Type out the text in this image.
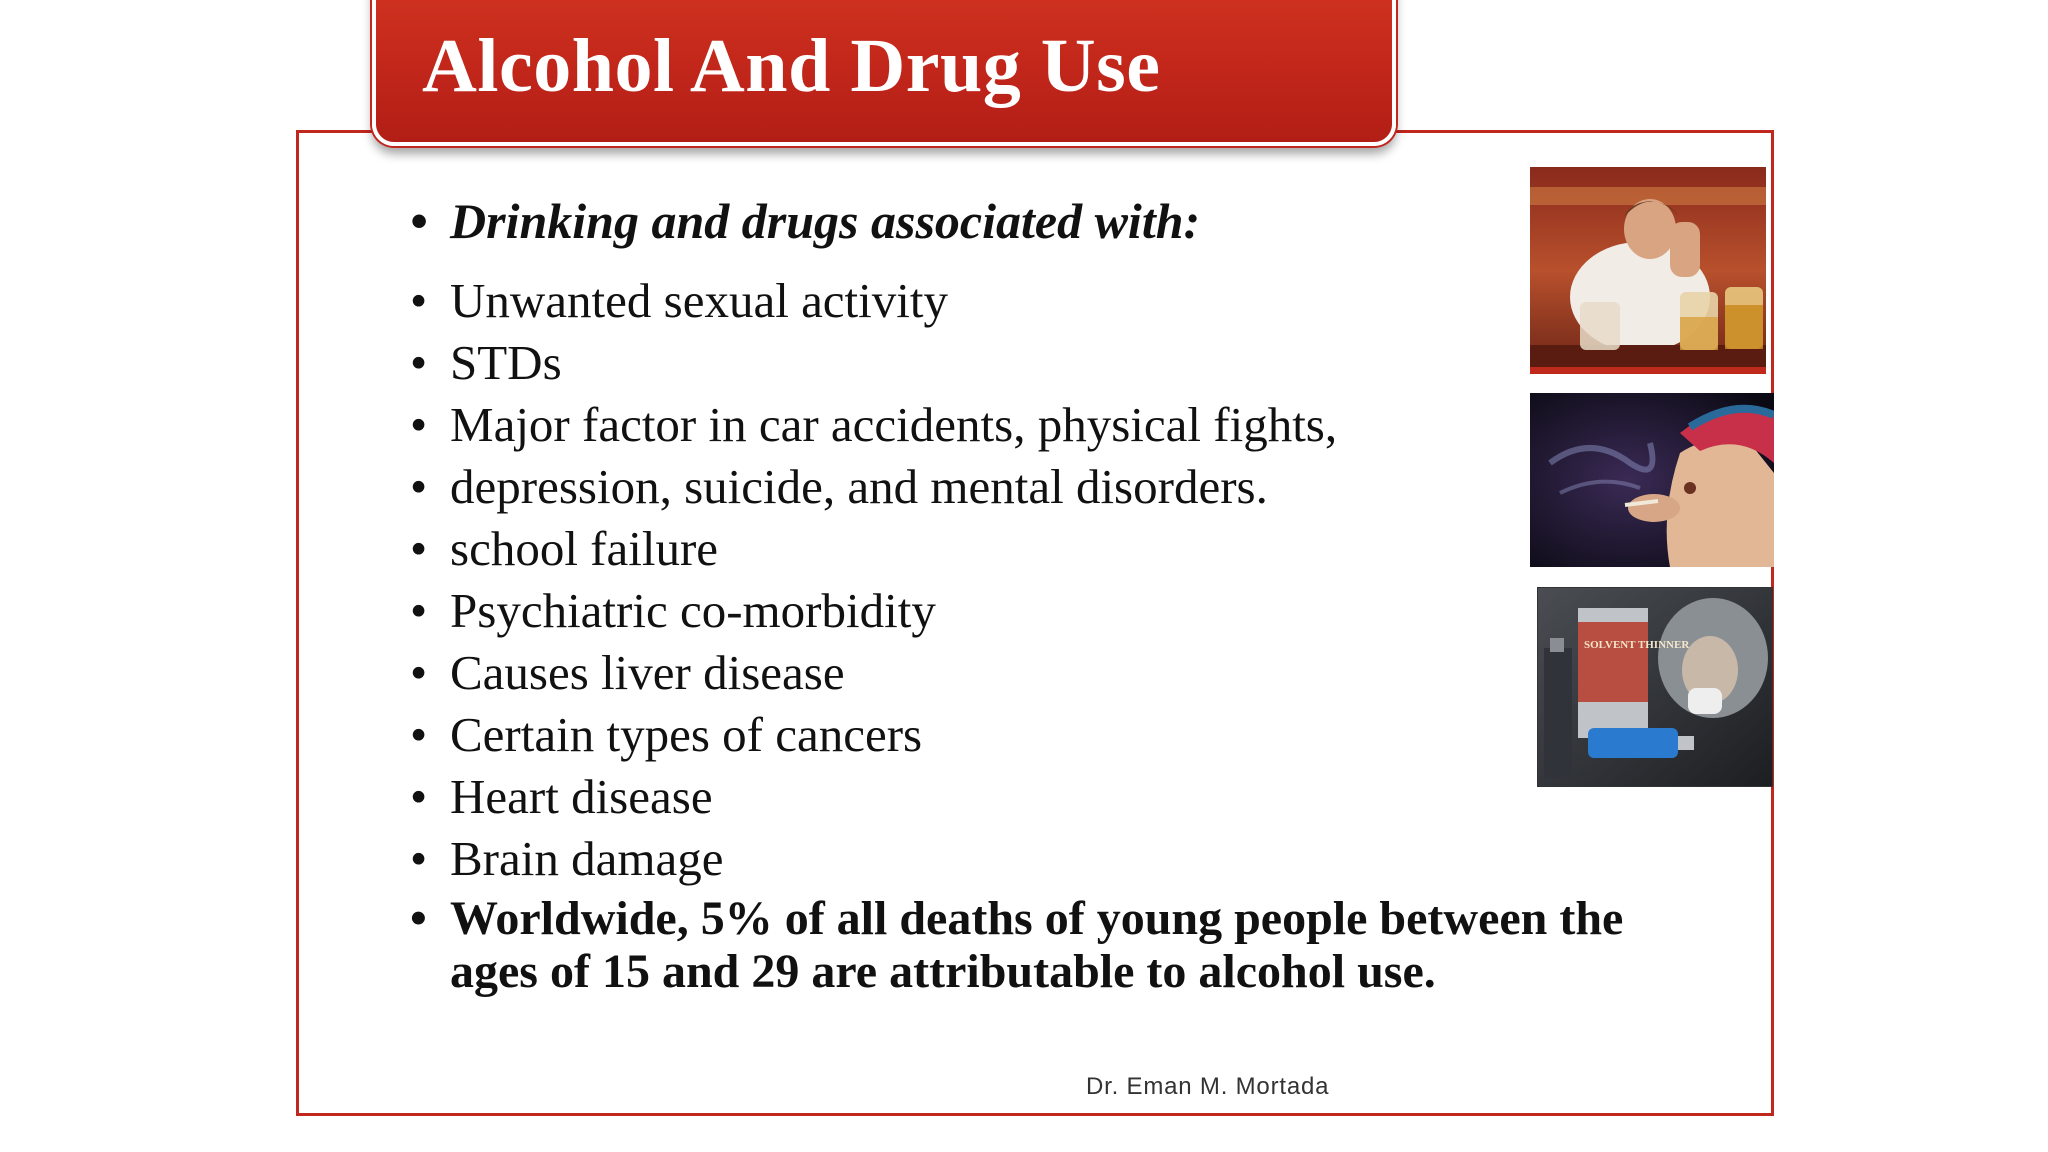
Alcohol And Drug Use
• Drinking and drugs associated with:
• Unwanted sexual activity
• STDs
• Major factor in car accidents, physical fights,
• depression, suicide, and mental disorders.
• school failure
• Psychiatric co-morbidity
• Causes liver disease
• Certain types of cancers
• Heart disease
• Brain damage
• Worldwide, 5% of all deaths of young people between the ages of 15 and 29 are attributable to alcohol use.
SOLVENT THINNER
Dr. Eman M. Mortada
